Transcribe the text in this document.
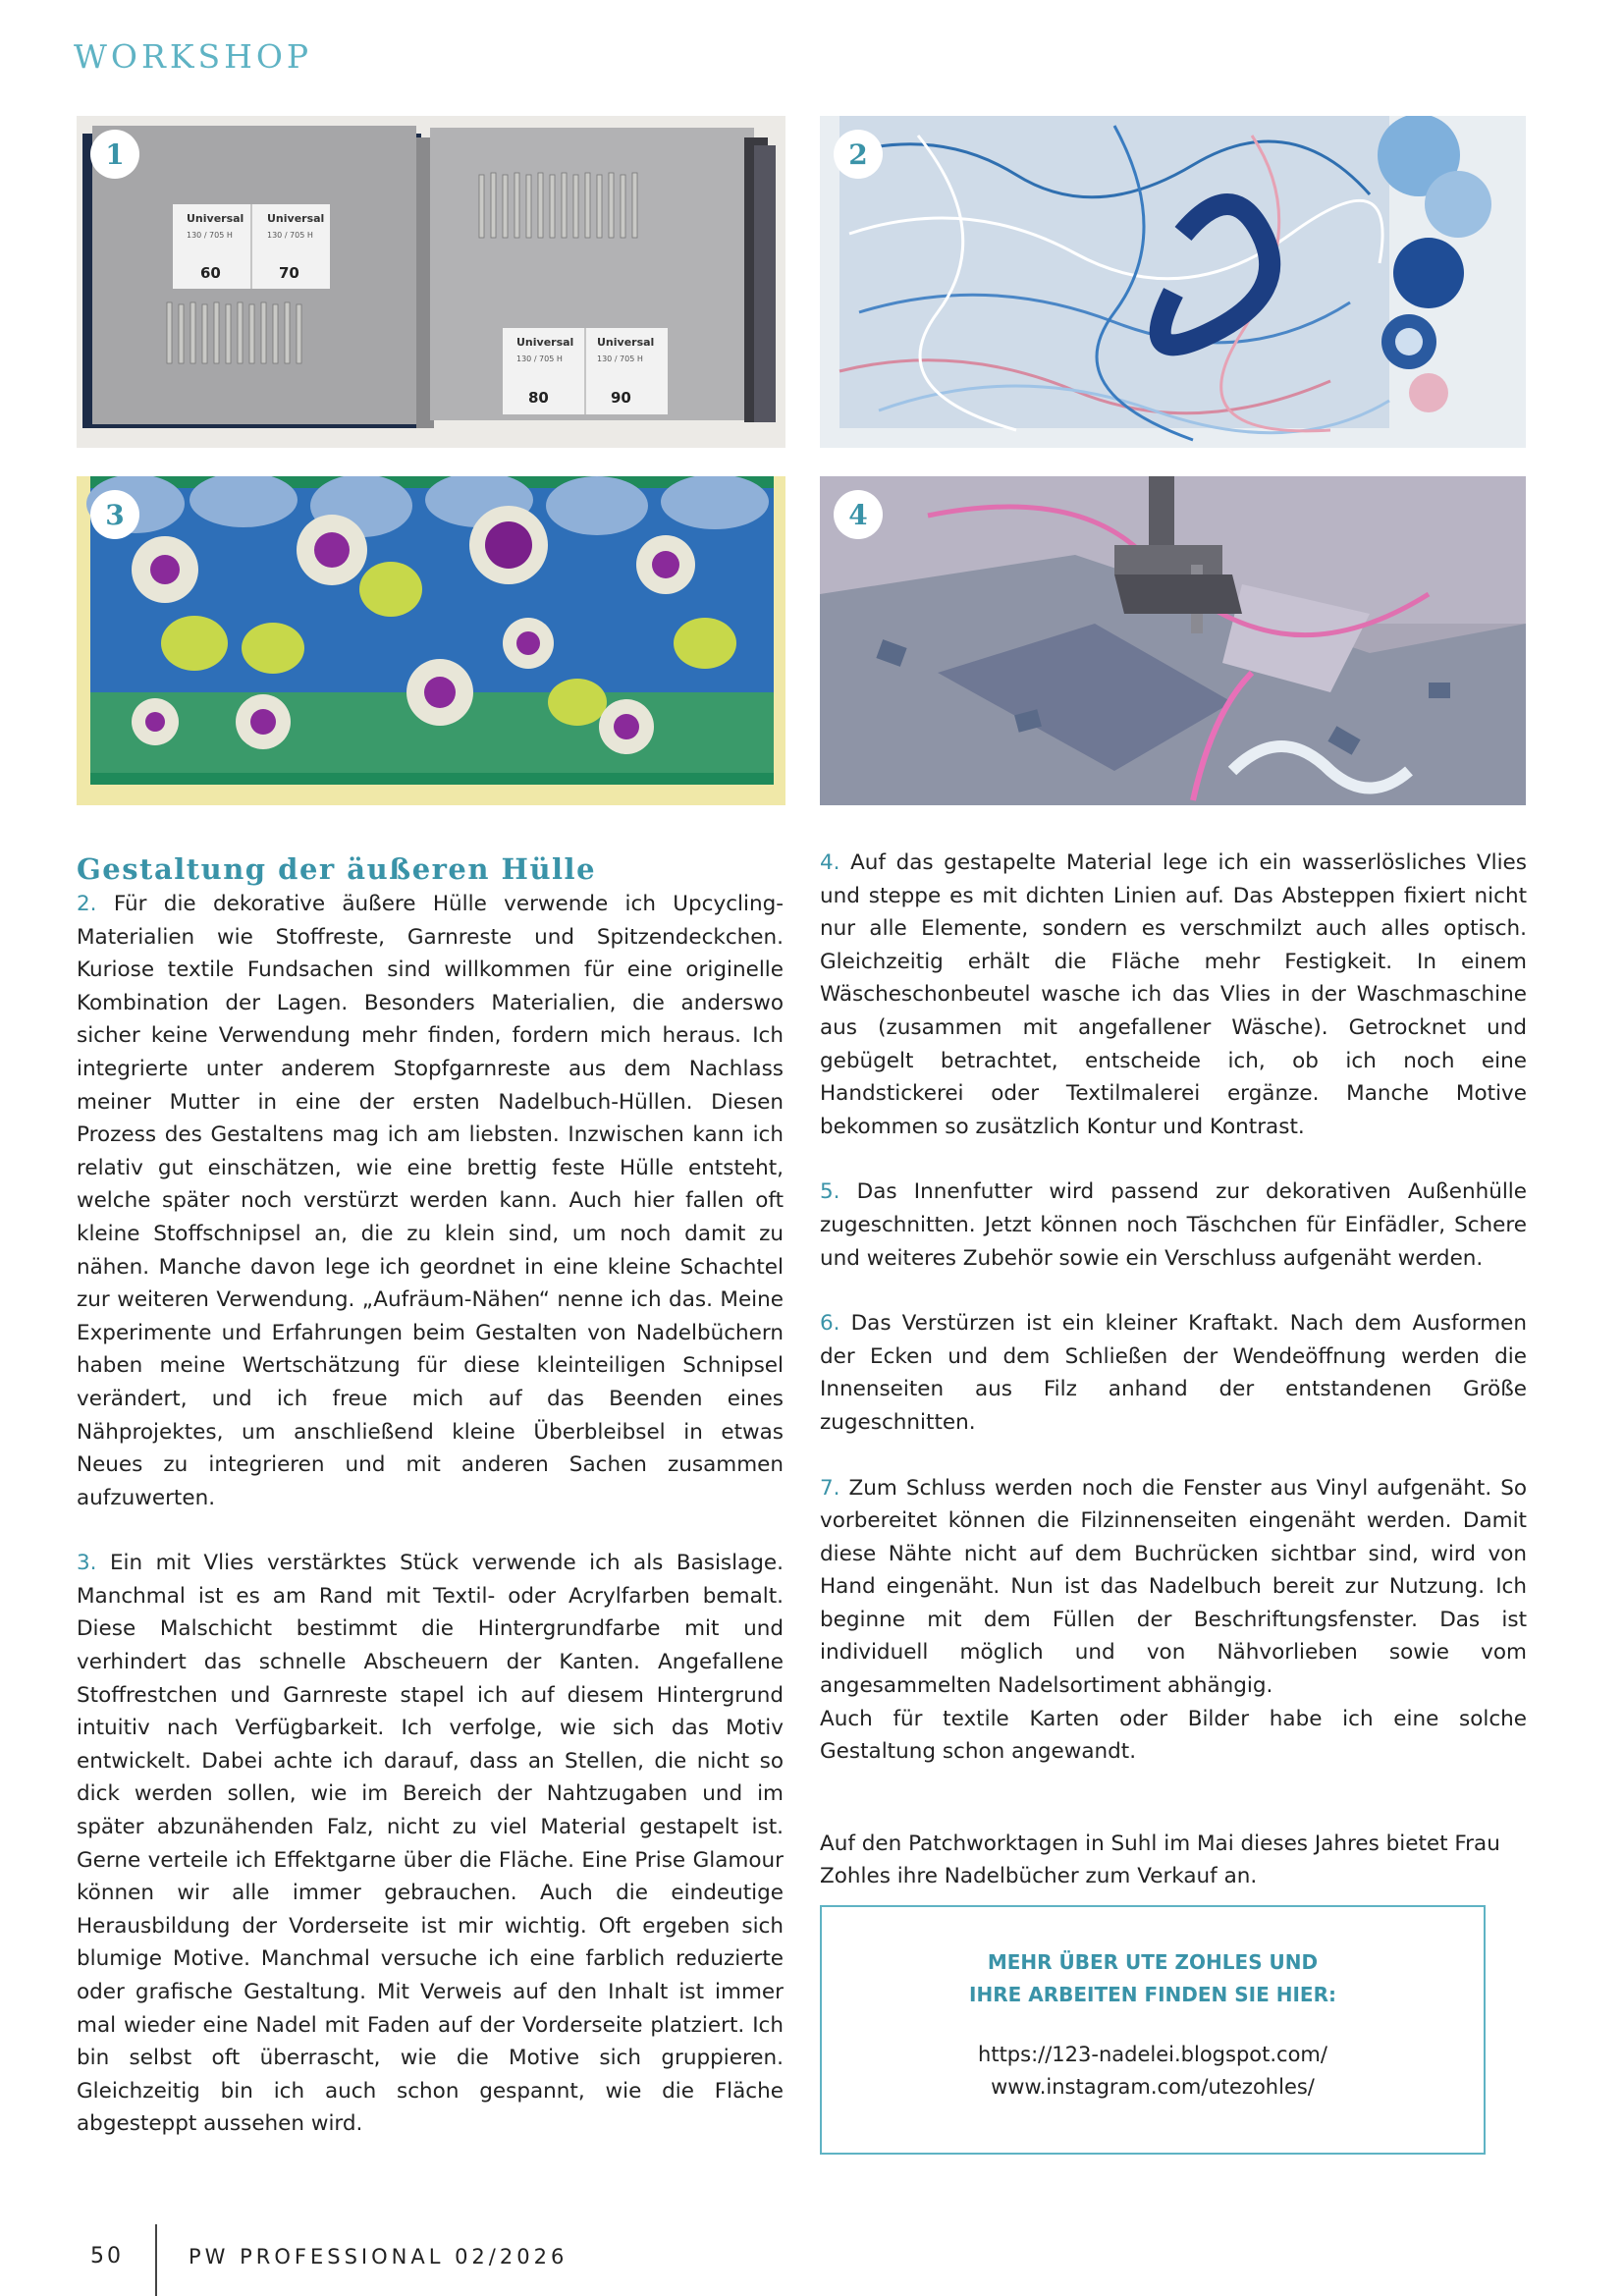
WORKSHOP
Universal Universal
130 / 705 H	130 / 705 H
60	70
Universal Universal
130 / 705 H	130 / 705 H
80	90
1	2
3	4
Gestaltung der äußeren Hülle

2. Für die dekorative äußere Hülle verwende ich Upcycling-Materialien wie Stoffreste, Garnreste und Spitzendeckchen. Kuriose textile Fundsachen sind willkommen für eine originelle Kombination der Lagen. Besonders Materialien, die anderswo sicher keine Verwendung mehr finden, fordern mich heraus. Ich integrierte unter anderem Stopfgarnreste aus dem Nachlass meiner Mutter in eine der ersten Nadelbuch-Hüllen. Diesen Prozess des Gestaltens mag ich am liebsten. Inzwischen kann ich relativ gut einschätzen, wie eine brettig feste Hülle entsteht, welche später noch verstürzt werden kann. Auch hier fallen oft kleine Stoffschnipsel an, die zu klein sind, um noch damit zu nähen. Manche davon lege ich geordnet in eine kleine Schachtel zur weiteren Verwendung. „Aufräum-Nähen“ nenne ich das. Meine Experimente und Erfahrungen beim Gestalten von Nadelbüchern haben meine Wertschätzung für diese kleinteiligen Schnipsel verändert, und ich freue mich auf das Beenden eines Nähprojektes, um anschließend kleine Überbleibsel in etwas Neues zu integrieren und mit anderen Sachen zusammen aufzuwerten.

3. Ein mit Vlies verstärktes Stück verwende ich als Basislage. Manchmal ist es am Rand mit Textil- oder Acrylfarben bemalt. Diese Malschicht bestimmt die Hintergrundfarbe mit und verhindert das schnelle Abscheuern der Kanten. Angefallene Stoffrestchen und Garnreste stapel ich auf diesem Hintergrund intuitiv nach Verfügbarkeit. Ich verfolge, wie sich das Motiv entwickelt. Dabei achte ich darauf, dass an Stellen, die nicht so dick werden sollen, wie im Bereich der Nahtzugaben und im später abzunähenden Falz, nicht zu viel Material gestapelt ist. Gerne verteile ich Effektgarne über die Fläche. Eine Prise Glamour können wir alle immer gebrauchen. Auch die eindeutige Herausbildung der Vorderseite ist mir wichtig. Oft ergeben sich blumige Motive. Manchmal versuche ich eine farblich reduzierte oder grafische Gestaltung. Mit Verweis auf den Inhalt ist immer mal wieder eine Nadel mit Faden auf der Vorderseite platziert. Ich bin selbst oft überrascht, wie die Motive sich gruppieren. Gleichzeitig bin ich auch schon gespannt, wie die Fläche abgesteppt aussehen wird.

4. Auf das gestapelte Material lege ich ein wasserlösliches Vlies und steppe es mit dichten Linien auf. Das Absteppen fixiert nicht nur alle Elemente, sondern es verschmilzt auch alles optisch. Gleichzeitig erhält die Fläche mehr Festigkeit. In einem Wäscheschonbeutel wasche ich das Vlies in der Waschmaschine aus (zusammen mit angefallener Wäsche). Getrocknet und gebügelt betrachtet, entscheide ich, ob ich noch eine Handstickerei oder Textilmalerei ergänze. Manche Motive bekommen so zusätzlich Kontur und Kontrast.

5. Das Innenfutter wird passend zur dekorativen Außenhülle zugeschnitten. Jetzt können noch Täschchen für Einfädler, Schere und weiteres Zubehör sowie ein Verschluss aufgenäht werden.

6. Das Verstürzen ist ein kleiner Kraftakt. Nach dem Ausformen der Ecken und dem Schließen der Wendeöffnung werden die Innenseiten aus Filz anhand der entstandenen Größe zugeschnitten.

7. Zum Schluss werden noch die Fenster aus Vinyl aufgenäht. So vorbereitet können die Filzinnenseiten eingenäht werden. Damit diese Nähte nicht auf dem Buchrücken sichtbar sind, wird von Hand eingenäht. Nun ist das Nadelbuch bereit zur Nutzung. Ich beginne mit dem Füllen der Beschriftungsfenster. Das ist individuell möglich und von Nähvorlieben sowie vom angesammelten Nadelsortiment abhängig.

Auch für textile Karten oder Bilder habe ich eine solche Gestaltung schon angewandt.

Auf den Patchworktagen in Suhl im Mai dieses Jahres bietet Frau Zohles ihre Nadelbücher zum Verkauf an.

MEHR ÜBER UTE ZOHLES UND
IHRE ARBEITEN FINDEN SIE HIER:
https://123-nadelei.blogspot.com/
www.instagram.com/utezohles/
50	PW PROFESSIONAL 02/2026
